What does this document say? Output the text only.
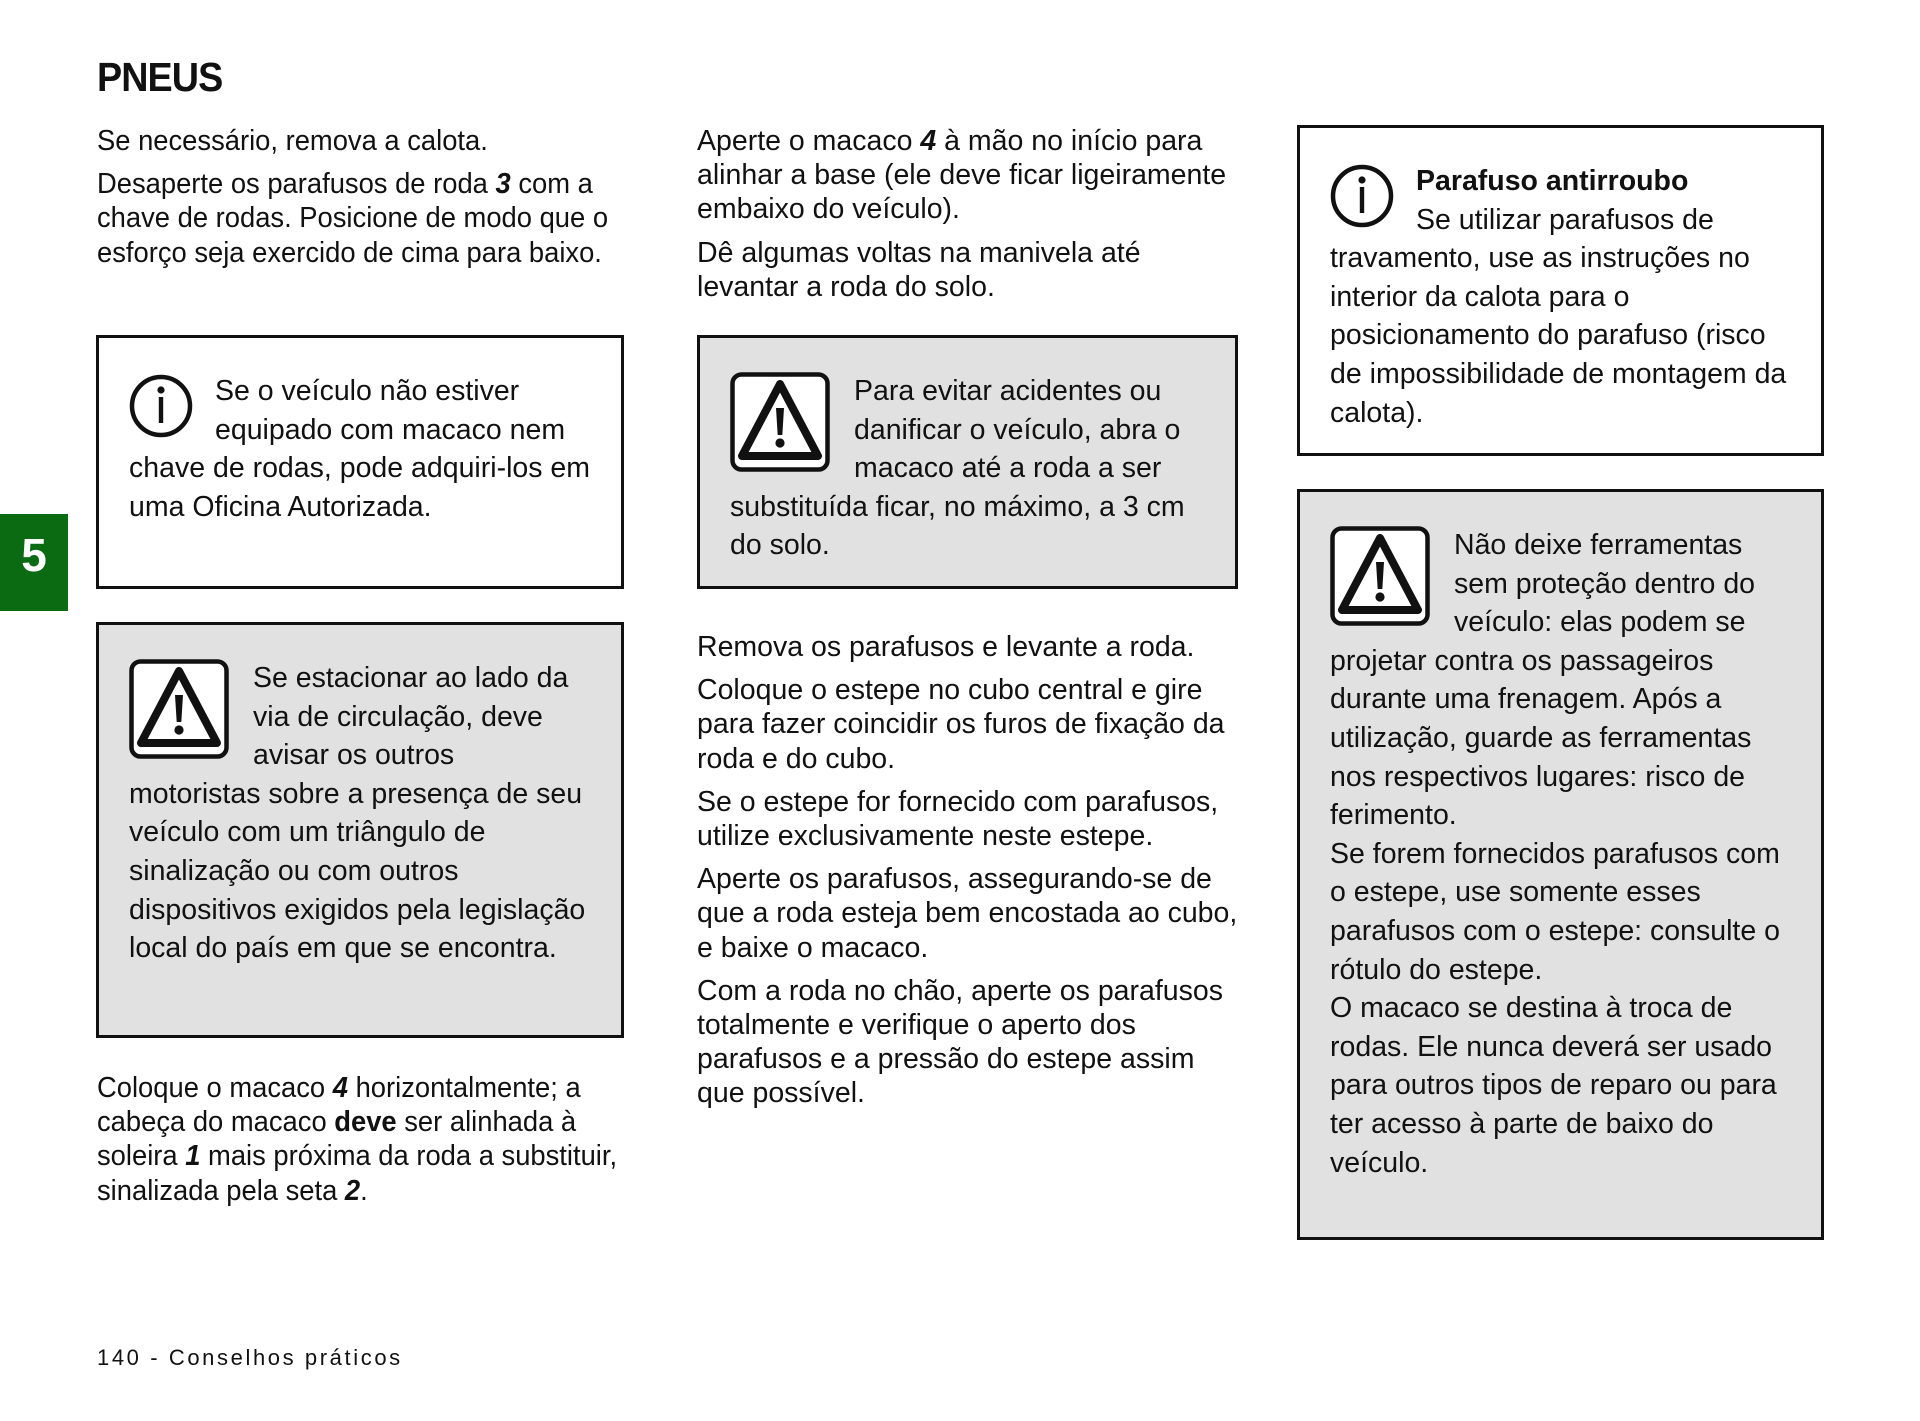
PNEUS
5

Se necessário, remova a calota.

Desaperte os parafusos de roda 3 com a chave de rodas. Posicione de modo que o esforço seja exercido de cima para baixo.

Se o veículo não estiver equipado com macaco nem chave de rodas, pode adquiri-los em uma Oficina Autorizada.
Se estacionar ao lado da via de circulação, deve avisar os outros motoristas sobre a presença de seu veículo com um triângulo de sinalização ou com outros dispositivos exigidos pela legislação local do país em que se encontra.

Coloque o macaco 4 horizontalmente; a cabeça do macaco deve ser alinhada à soleira 1 mais próxima da roda a substituir, sinalizada pela seta 2.

Aperte o macaco 4 à mão no início para alinhar a base (ele deve ficar ligeiramente embaixo do veículo).

Dê algumas voltas na manivela até levantar a roda do solo.

Para evitar acidentes ou danificar o veículo, abra o macaco até a roda a ser substituída ficar, no máximo, a 3 cm do solo.

Remova os parafusos e levante a roda.

Coloque o estepe no cubo central e gire para fazer coincidir os furos de fixação da roda e do cubo.

Se o estepe for fornecido com parafusos, utilize exclusivamente neste estepe.

Aperte os parafusos, assegurando-se de que a roda esteja bem encostada ao cubo, e baixe o macaco.

Com a roda no chão, aperte os parafusos totalmente e verifique o aperto dos parafusos e a pressão do estepe assim que possível.

Parafuso antirroubo
Se utilizar parafusos de travamento, use as instruções no interior da calota para o posicionamento do parafuso (risco de impossibilidade de montagem da calota).
Não deixe ferramentas sem proteção dentro do veículo: elas podem se projetar contra os passageiros durante uma frenagem. Após a utilização, guarde as ferramentas nos respectivos lugares: risco de ferimento.
Se forem fornecidos parafusos com o estepe, use somente esses parafusos com o estepe: consulte o rótulo do estepe.
O macaco se destina à troca de rodas. Ele nunca deverá ser usado para outros tipos de reparo ou para ter acesso à parte de baixo do veículo.
140 - Conselhos práticos
